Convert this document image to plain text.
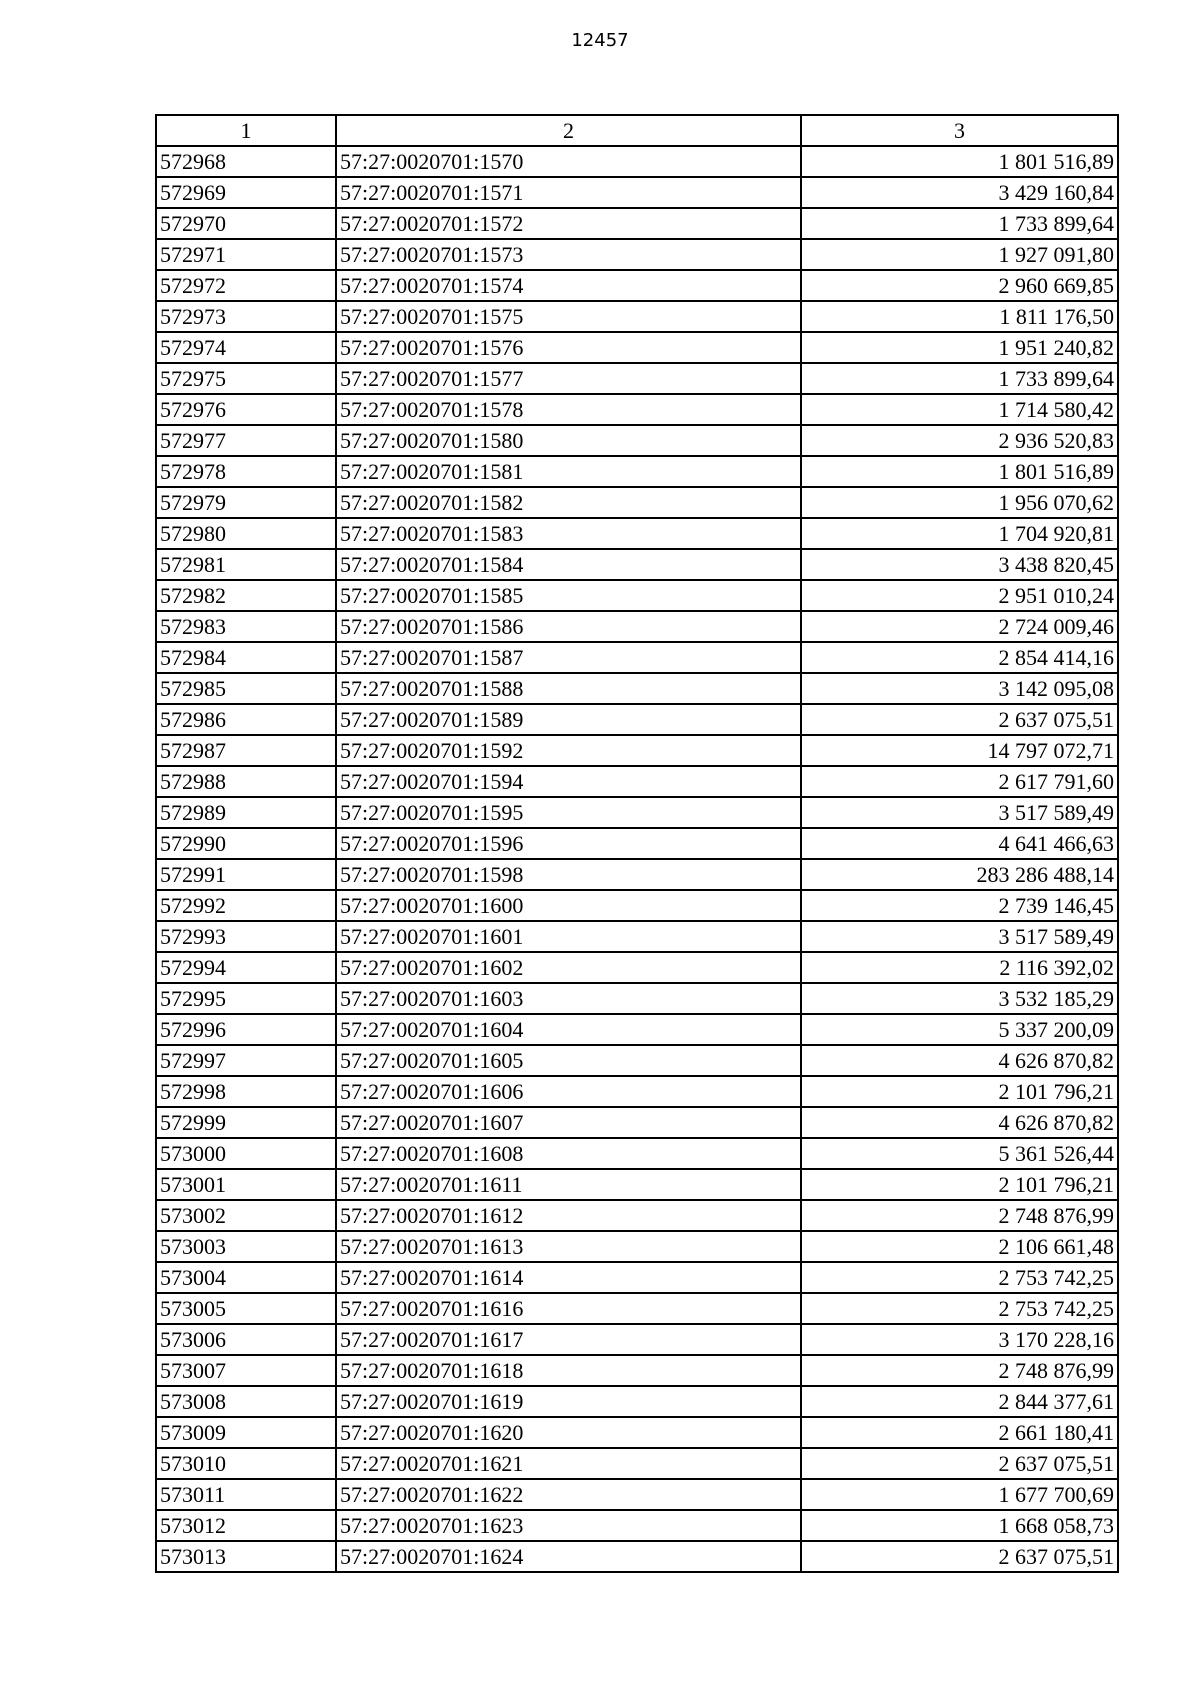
12457
1	2	3
572968	57:27:0020701:1570	1 801 516,89
572969	57:27:0020701:1571	3 429 160,84
572970	57:27:0020701:1572	1 733 899,64
572971	57:27:0020701:1573	1 927 091,80
572972	57:27:0020701:1574	2 960 669,85
572973	57:27:0020701:1575	1 811 176,50
572974	57:27:0020701:1576	1 951 240,82
572975	57:27:0020701:1577	1 733 899,64
572976	57:27:0020701:1578	1 714 580,42
572977	57:27:0020701:1580	2 936 520,83
572978	57:27:0020701:1581	1 801 516,89
572979	57:27:0020701:1582	1 956 070,62
572980	57:27:0020701:1583	1 704 920,81
572981	57:27:0020701:1584	3 438 820,45
572982	57:27:0020701:1585	2 951 010,24
572983	57:27:0020701:1586	2 724 009,46
572984	57:27:0020701:1587	2 854 414,16
572985	57:27:0020701:1588	3 142 095,08
572986	57:27:0020701:1589	2 637 075,51
572987	57:27:0020701:1592	14 797 072,71
572988	57:27:0020701:1594	2 617 791,60
572989	57:27:0020701:1595	3 517 589,49
572990	57:27:0020701:1596	4 641 466,63
572991	57:27:0020701:1598	283 286 488,14
572992	57:27:0020701:1600	2 739 146,45
572993	57:27:0020701:1601	3 517 589,49
572994	57:27:0020701:1602	2 116 392,02
572995	57:27:0020701:1603	3 532 185,29
572996	57:27:0020701:1604	5 337 200,09
572997	57:27:0020701:1605	4 626 870,82
572998	57:27:0020701:1606	2 101 796,21
572999	57:27:0020701:1607	4 626 870,82
573000	57:27:0020701:1608	5 361 526,44
573001	57:27:0020701:1611	2 101 796,21
573002	57:27:0020701:1612	2 748 876,99
573003	57:27:0020701:1613	2 106 661,48
573004	57:27:0020701:1614	2 753 742,25
573005	57:27:0020701:1616	2 753 742,25
573006	57:27:0020701:1617	3 170 228,16
573007	57:27:0020701:1618	2 748 876,99
573008	57:27:0020701:1619	2 844 377,61
573009	57:27:0020701:1620	2 661 180,41
573010	57:27:0020701:1621	2 637 075,51
573011	57:27:0020701:1622	1 677 700,69
573012	57:27:0020701:1623	1 668 058,73
573013	57:27:0020701:1624	2 637 075,51
